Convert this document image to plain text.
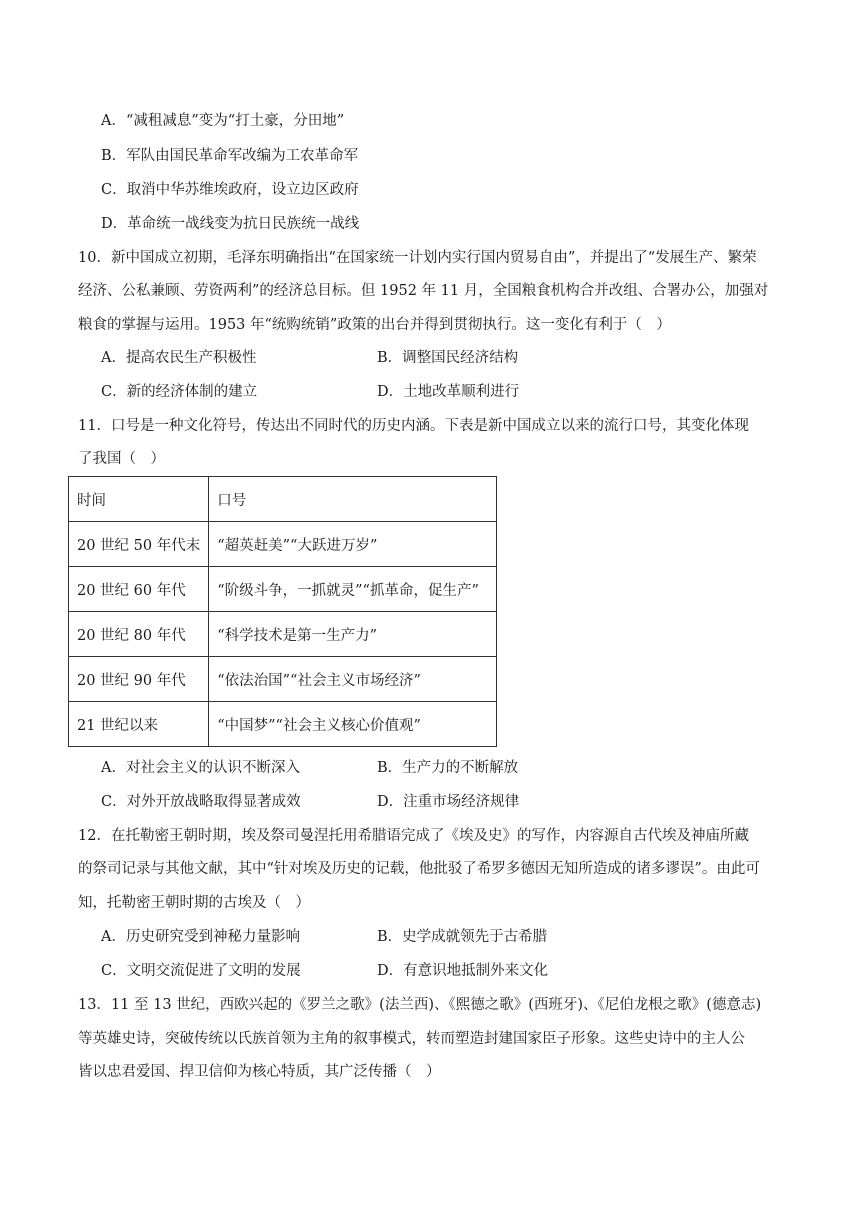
A．“减租减息”变为“打土豪，分田地”
B．军队由国民革命军改编为工农革命军
C．取消中华苏维埃政府，设立边区政府
D．革命统一战线变为抗日民族统一战线
10．新中国成立初期，毛泽东明确指出“在国家统一计划内实行国内贸易自由”，并提出了“发展生产、繁荣
经济、公私兼顾、劳资两利”的经济总目标。但 1952 年 11 月，全国粮食机构合并改组、合署办公，加强对
粮食的掌握与运用。1953 年“统购统销”政策的出台并得到贯彻执行。这一变化有利于（　）
A．提高农民生产积极性	B．调整国民经济结构
C．新的经济体制的建立	D．土地改革顺利进行
11．口号是一种文化符号，传达出不同时代的历史内涵。下表是新中国成立以来的流行口号，其变化体现
了我国（　）
时间	口号
20 世纪 50 年代末	“超英赶美”“大跃进万岁”
20 世纪 60 年代	“阶级斗争，一抓就灵”“抓革命，促生产”
20 世纪 80 年代	“科学技术是第一生产力”
20 世纪 90 年代	“依法治国”“社会主义市场经济”
21 世纪以来	“中国梦”“社会主义核心价值观”
A．对社会主义的认识不断深入	B．生产力的不断解放
C．对外开放战略取得显著成效	D．注重市场经济规律
12．在托勒密王朝时期，埃及祭司曼涅托用希腊语完成了《埃及史》的写作，内容源自古代埃及神庙所藏
的祭司记录与其他文献，其中“针对埃及历史的记载，他批驳了希罗多德因无知所造成的诸多谬误”。由此可
知，托勒密王朝时期的古埃及（　）
A．历史研究受到神秘力量影响	B．史学成就领先于古希腊
C．文明交流促进了文明的发展	D．有意识地抵制外来文化
13．11 至 13 世纪，西欧兴起的《罗兰之歌》(法兰西)、《熙德之歌》(西班牙)、《尼伯龙根之歌》(德意志)
等英雄史诗，突破传统以氏族首领为主角的叙事模式，转而塑造封建国家臣子形象。这些史诗中的主人公
皆以忠君爱国、捍卫信仰为核心特质，其广泛传播（　）
